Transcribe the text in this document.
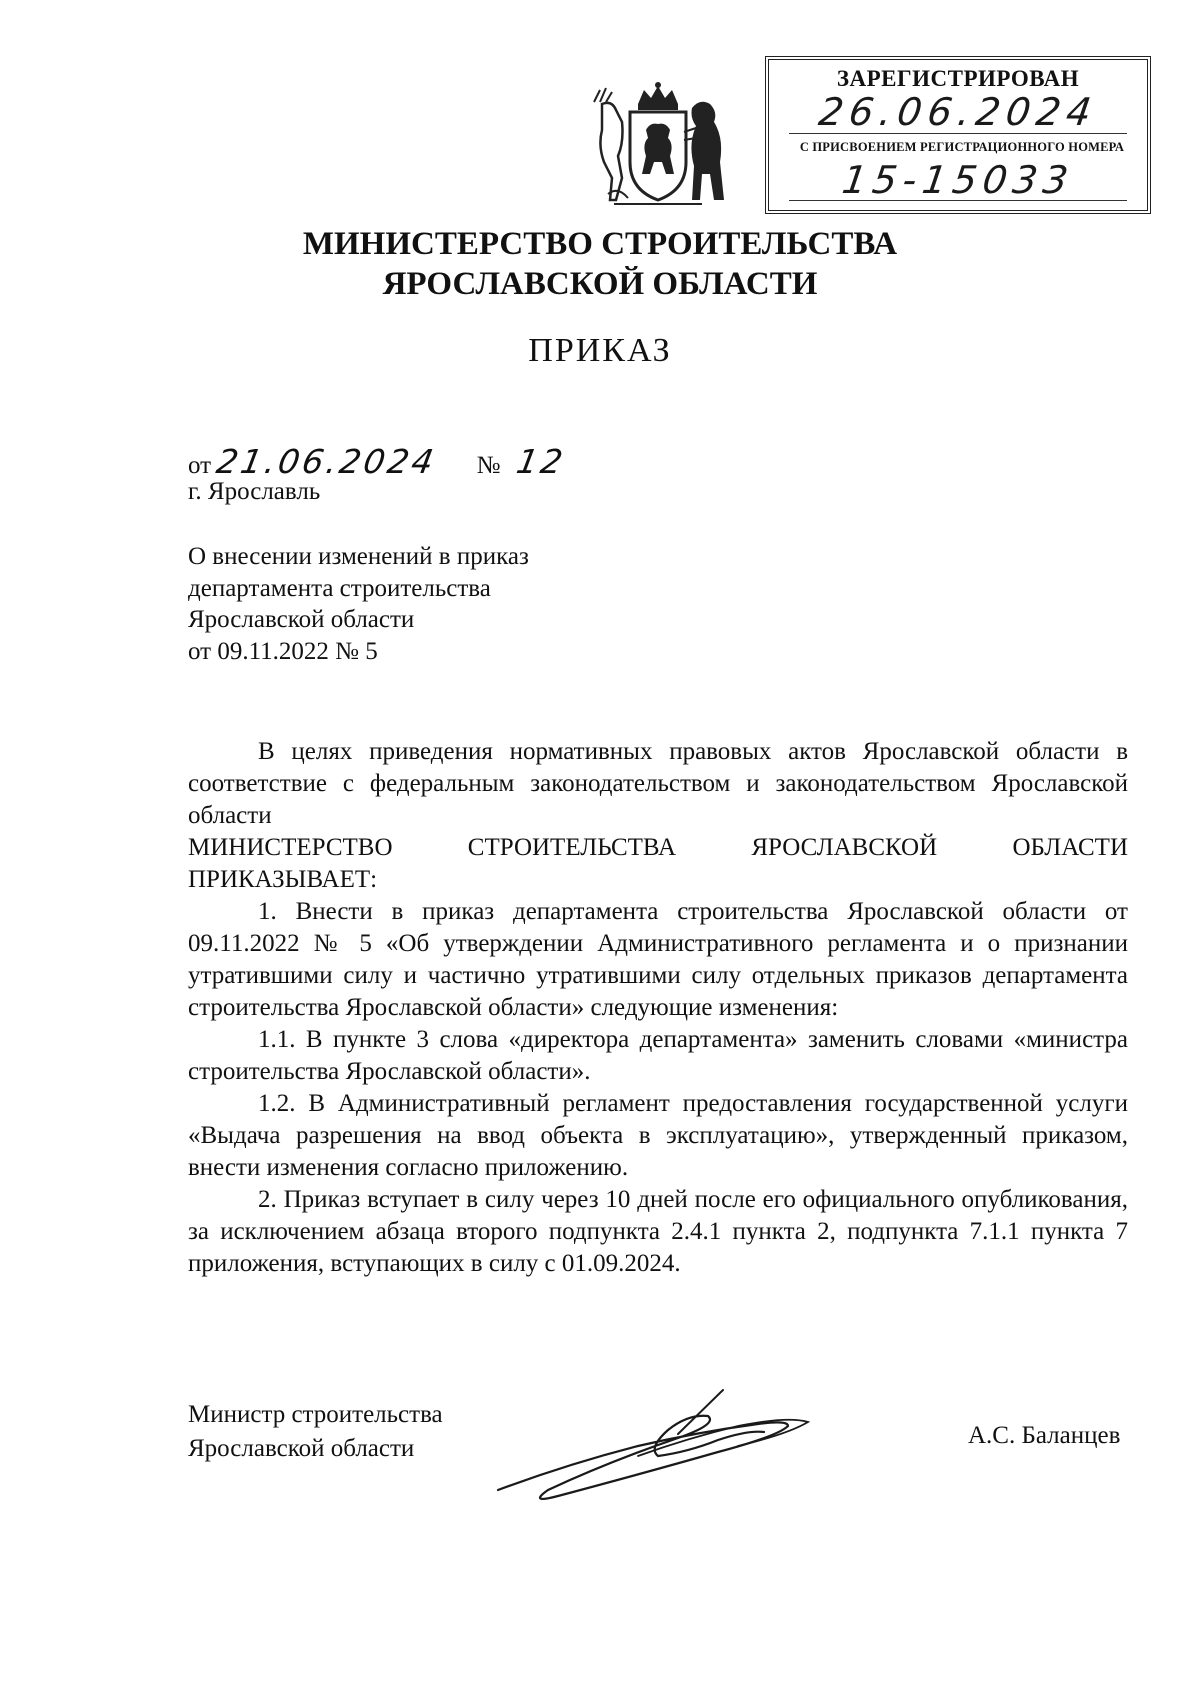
ЗАРЕГИСТРИРОВАН
26.06.2024
С ПРИСВОЕНИЕМ РЕГИСТРАЦИОННОГО НОМЕРА
15-15033
МИНИСТЕРСТВО СТРОИТЕЛЬСТВА
ЯРОСЛАВСКОЙ ОБЛАСТИ
ПРИКАЗ
от 21.06.2024 № 12
г. Ярославль
О внесении изменений в приказ
департамента строительства
Ярославской области
от 09.11.2022 № 5

В целях приведения нормативных правовых актов Ярославской области в соответствие с федеральным законодательством и законодательством Ярославской области

МИНИСТЕРСТВО СТРОИТЕЛЬСТВА ЯРОСЛАВСКОЙ ОБЛАСТИ

ПРИКАЗЫВАЕТ:

1. Внести в приказ департамента строительства Ярославской области от 09.11.2022 № 5 «Об утверждении Административного регламента и о признании утратившими силу и частично утратившими силу отдельных приказов департамента строительства Ярославской области» следующие изменения:

1.1. В пункте 3 слова «директора департамента» заменить словами «министра строительства Ярославской области».

1.2. В Административный регламент предоставления государственной услуги «Выдача разрешения на ввод объекта в эксплуатацию», утвержденный приказом, внести изменения согласно приложению.

2. Приказ вступает в силу через 10 дней после его официального опубликования, за исключением абзаца второго подпункта 2.4.1 пункта 2, подпункта 7.1.1 пункта 7 приложения, вступающих в силу с 01.09.2024.

Министр строительства
Ярославской области	А.С. Баланцев
